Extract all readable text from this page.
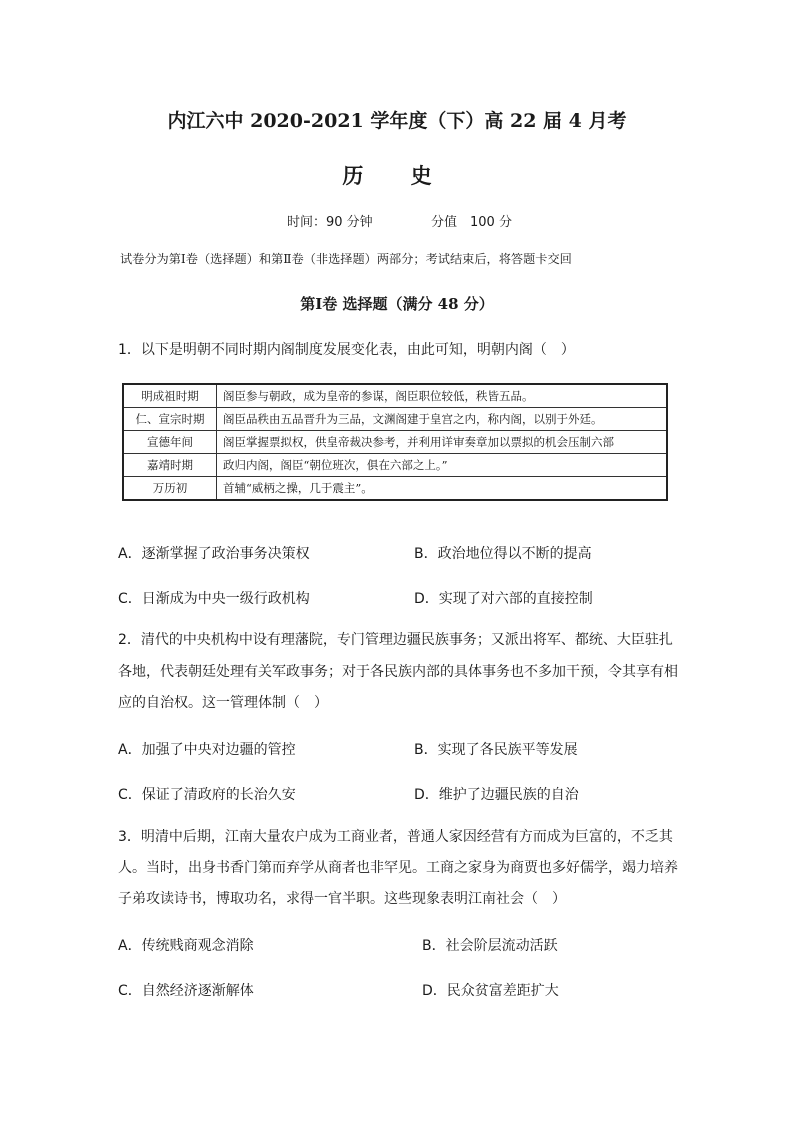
内江六中 2020-2021 学年度（下）高 22 届 4 月考
历 史
时间：90 分钟	分值　100 分
试卷分为第Ⅰ卷（选择题）和第Ⅱ卷（非选择题）两部分；考试结束后，将答题卡交回
第Ⅰ卷 选择题（满分 48 分）
1．以下是明朝不同时期内阁制度发展变化表，由此可知，明朝内阁（　）
明成祖时期	阁臣参与朝政，成为皇帝的参谋，阁臣职位较低，秩皆五品。
仁、宣宗时期	阁臣品秩由五品晋升为三品，文渊阁建于皇宫之内，称内阁，以别于外廷。
宣德年间	阁臣掌握票拟权，供皇帝裁决参考，并利用详审奏章加以票拟的机会压制六部
嘉靖时期	政归内阁，阁臣“朝位班次，俱在六部之上。”
万历初	首辅“威柄之操，几于震主”。
A．逐渐掌握了政治事务决策权	B．政治地位得以不断的提高
C．日渐成为中央一级行政机构	D．实现了对六部的直接控制
2．清代的中央机构中设有理藩院，专门管理边疆民族事务；又派出将军、都统、大臣驻扎
各地，代表朝廷处理有关军政事务；对于各民族内部的具体事务也不多加干预，令其享有相
应的自治权。这一管理体制（　）
A．加强了中央对边疆的管控	B．实现了各民族平等发展
C．保证了清政府的长治久安	D．维护了边疆民族的自治
3．明清中后期，江南大量农户成为工商业者，普通人家因经营有方而成为巨富的，不乏其
人。当时，出身书香门第而弃学从商者也非罕见。工商之家身为商贾也多好儒学，竭力培养
子弟攻读诗书，博取功名，求得一官半职。这些现象表明江南社会（　）
A．传统贱商观念消除	B．社会阶层流动活跃
C．自然经济逐渐解体	D．民众贫富差距扩大
